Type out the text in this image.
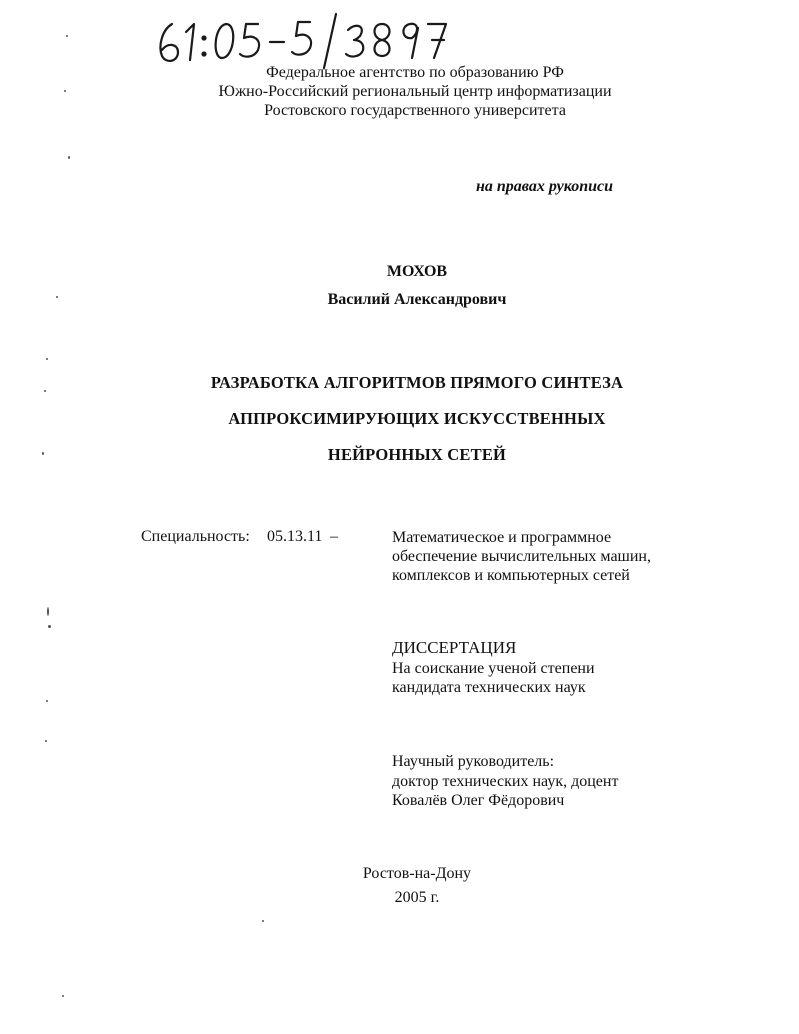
Федеральное агентство по образованию РФ
Южно-Российский региональный центр информатизации
Ростовского государственного университета
на правах рукописи
МОХОВ
Василий Александрович
РАЗРАБОТКА АЛГОРИТМОВ ПРЯМОГО СИНТЕЗА
АППРОКСИМИРУЮЩИХ ИСКУССТВЕННЫХ
НЕЙРОННЫХ СЕТЕЙ
Специальность: 05.13.11 –	Математическое и программное
обеспечение вычислительных машин,
комплексов и компьютерных сетей
ДИССЕРТАЦИЯ
На соискание ученой степени
кандидата технических наук
Научный руководитель:
доктор технических наук, доцент
Ковалёв Олег Фёдорович
Ростов-на-Дону
2005 г.
